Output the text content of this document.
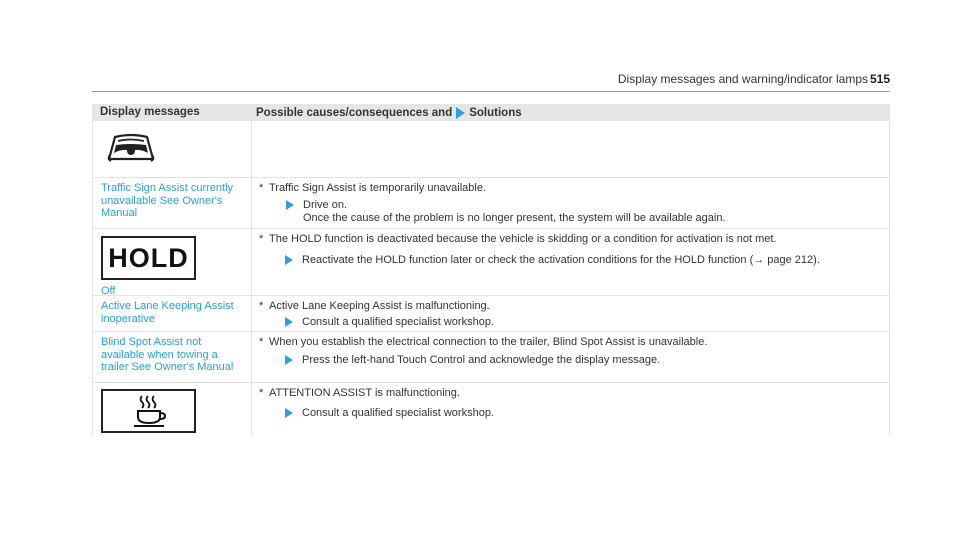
Display messages and warning/indicator lamps 515
Display messages	Possible causes/consequences and Solutions
Traffic Sign Assist currently unavailable See Owner's Manual
* Traffic Sign Assist is temporarily unavailable.
Drive on.
Once the cause of the problem is no longer present, the system will be available again.
HOLD
Off
* The HOLD function is deactivated because the vehicle is skidding or a condition for activation is not met.
Reactivate the HOLD function later or check the activation conditions for the HOLD function (→ page 212).
Active Lane Keeping Assist inoperative
* Active Lane Keeping Assist is malfunctioning.
Consult a qualified specialist workshop.
Blind Spot Assist not available when towing a trailer See Owner's Manual
* When you establish the electrical connection to the trailer, Blind Spot Assist is unavailable.
Press the left-hand Touch Control and acknowledge the display message.
* ATTENTION ASSIST is malfunctioning.
Consult a qualified specialist workshop.
